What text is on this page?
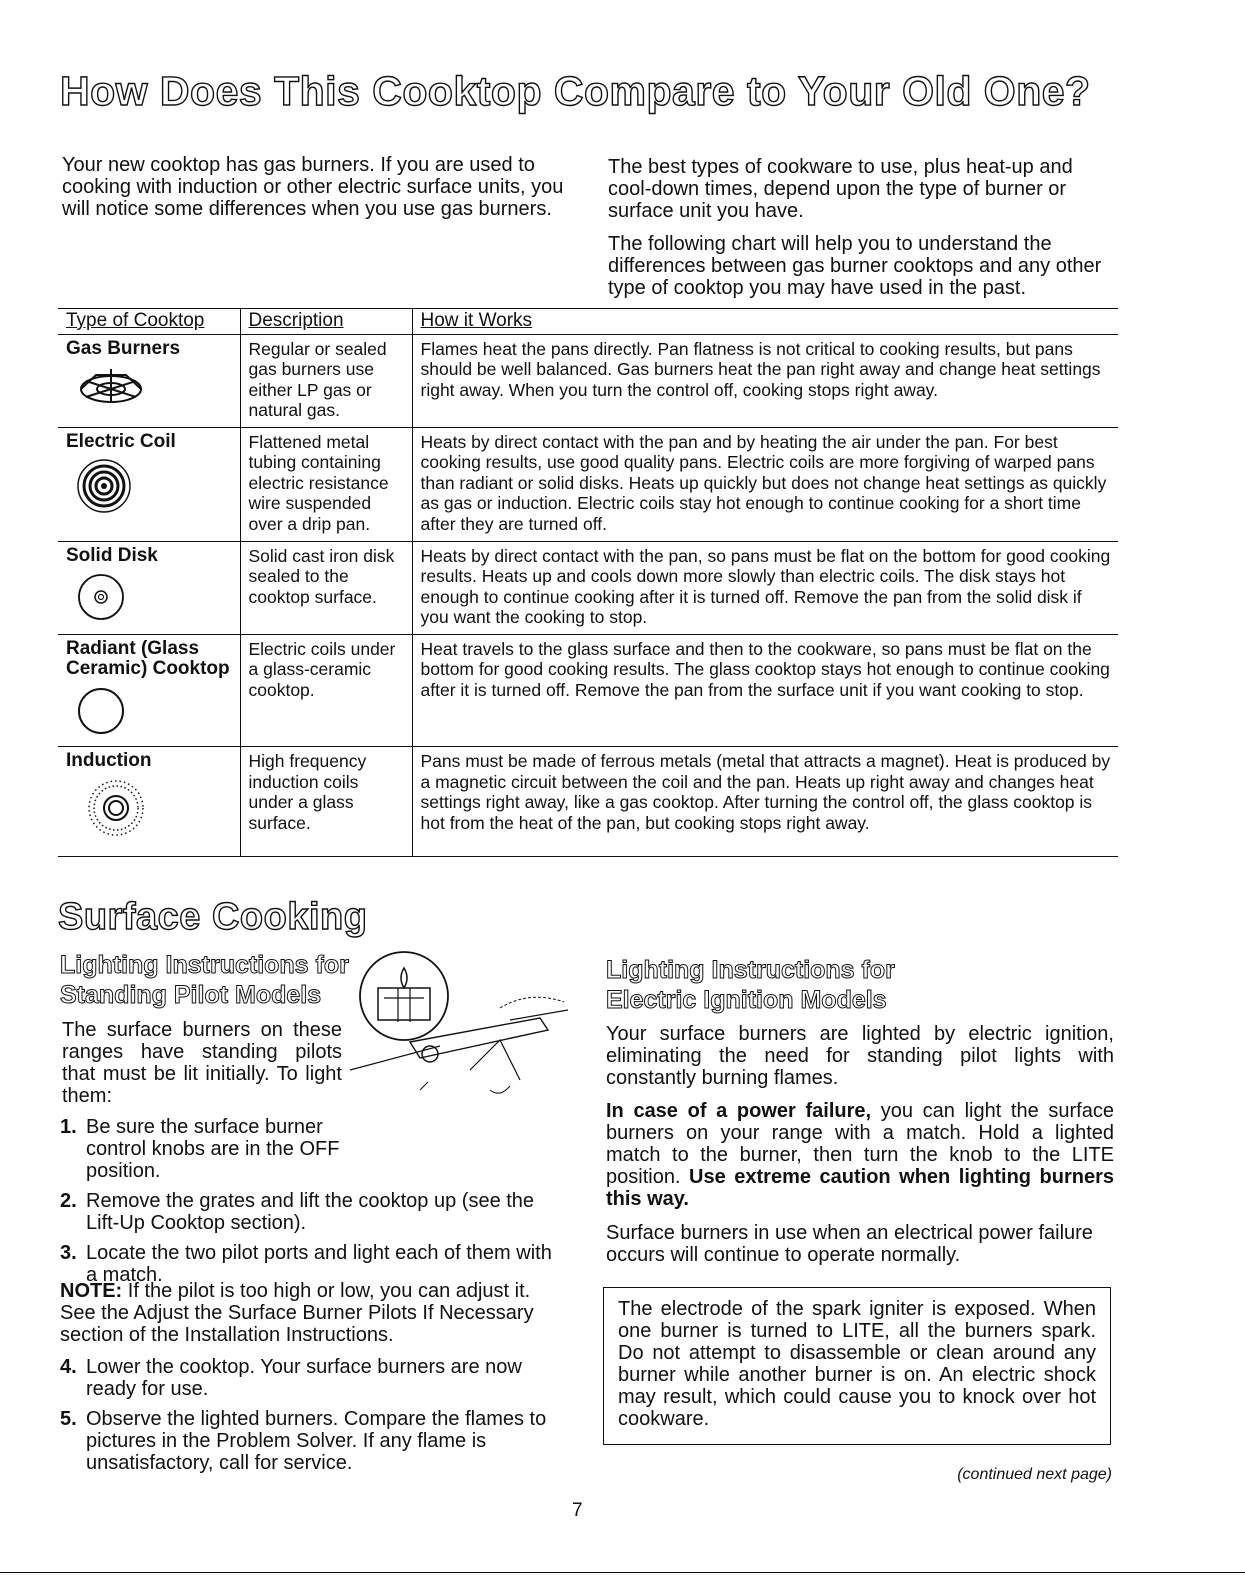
How Does This Cooktop Compare to Your Old One?

Your new cooktop has gas burners. If you are used to cooking with induction or other electric surface units, you will notice some differences when you use gas burners.

The best types of cookware to use, plus heat-up and cool-down times, depend upon the type of burner or surface unit you have.

The following chart will help you to understand the differences between gas burner cooktops and any other type of cooktop you may have used in the past.

Type of Cooktop	Description	How it Works

Gas Burners	Regular or sealed gas burners use either LP gas or natural gas.	Flames heat the pans directly. Pan flatness is not critical to cooking results, but pans should be well balanced. Gas burners heat the pan right away and change heat settings right away. When you turn the control off, cooking stops right away.

Electric Coil	Flattened metal tubing containing electric resistance wire suspended over a drip pan.	Heats by direct contact with the pan and by heating the air under the pan. For best cooking results, use good quality pans. Electric coils are more forgiving of warped pans than radiant or solid disks. Heats up quickly but does not change heat settings as quickly as gas or induction. Electric coils stay hot enough to continue cooking for a short time after they are turned off.

Solid Disk	Solid cast iron disk sealed to the cooktop surface.	Heats by direct contact with the pan, so pans must be flat on the bottom for good cooking results. Heats up and cools down more slowly than electric coils. The disk stays hot enough to continue cooking after it is turned off. Remove the pan from the solid disk if you want the cooking to stop.

Radiant (Glass Ceramic) Cooktop	Electric coils under a glass-ceramic cooktop.	Heat travels to the glass surface and then to the cookware, so pans must be flat on the bottom for good cooking results. The glass cooktop stays hot enough to continue cooking after it is turned off. Remove the pan from the surface unit if you want cooking to stop.

Induction	High frequency induction coils under a glass surface.	Pans must be made of ferrous metals (metal that attracts a magnet). Heat is produced by a magnetic circuit between the coil and the pan. Heats up right away and changes heat settings right away, like a gas cooktop. After turning the control off, the glass cooktop is hot from the heat of the pan, but cooking stops right away.
Surface Cooking
Lighting Instructions for
Standing Pilot Models

The surface burners on these ranges have standing pilots that must be lit initially. To light them:

1. Be sure the surface burner control knobs are in the OFF position.
2. Remove the grates and lift the cooktop up (see the Lift-Up Cooktop section).
3. Locate the two pilot ports and light each of them with a match.

NOTE: If the pilot is too high or low, you can adjust it. See the Adjust the Surface Burner Pilots If Necessary section of the Installation Instructions.

4. Lower the cooktop. Your surface burners are now ready for use.
5. Observe the lighted burners. Compare the flames to pictures in the Problem Solver. If any flame is unsatisfactory, call for service.
Lighting Instructions for
Electric Ignition Models

Your surface burners are lighted by electric ignition, eliminating the need for standing pilot lights with constantly burning flames.

In case of a power failure, you can light the surface burners on your range with a match. Hold a lighted match to the burner, then turn the knob to the LITE position. Use extreme caution when lighting burners this way.

Surface burners in use when an electrical power failure occurs will continue to operate normally.

The electrode of the spark igniter is exposed. When one burner is turned to LITE, all the burners spark. Do not attempt to disassemble or clean around any burner while another burner is on. An electric shock may result, which could cause you to knock over hot cookware.

(continued next page)
7
